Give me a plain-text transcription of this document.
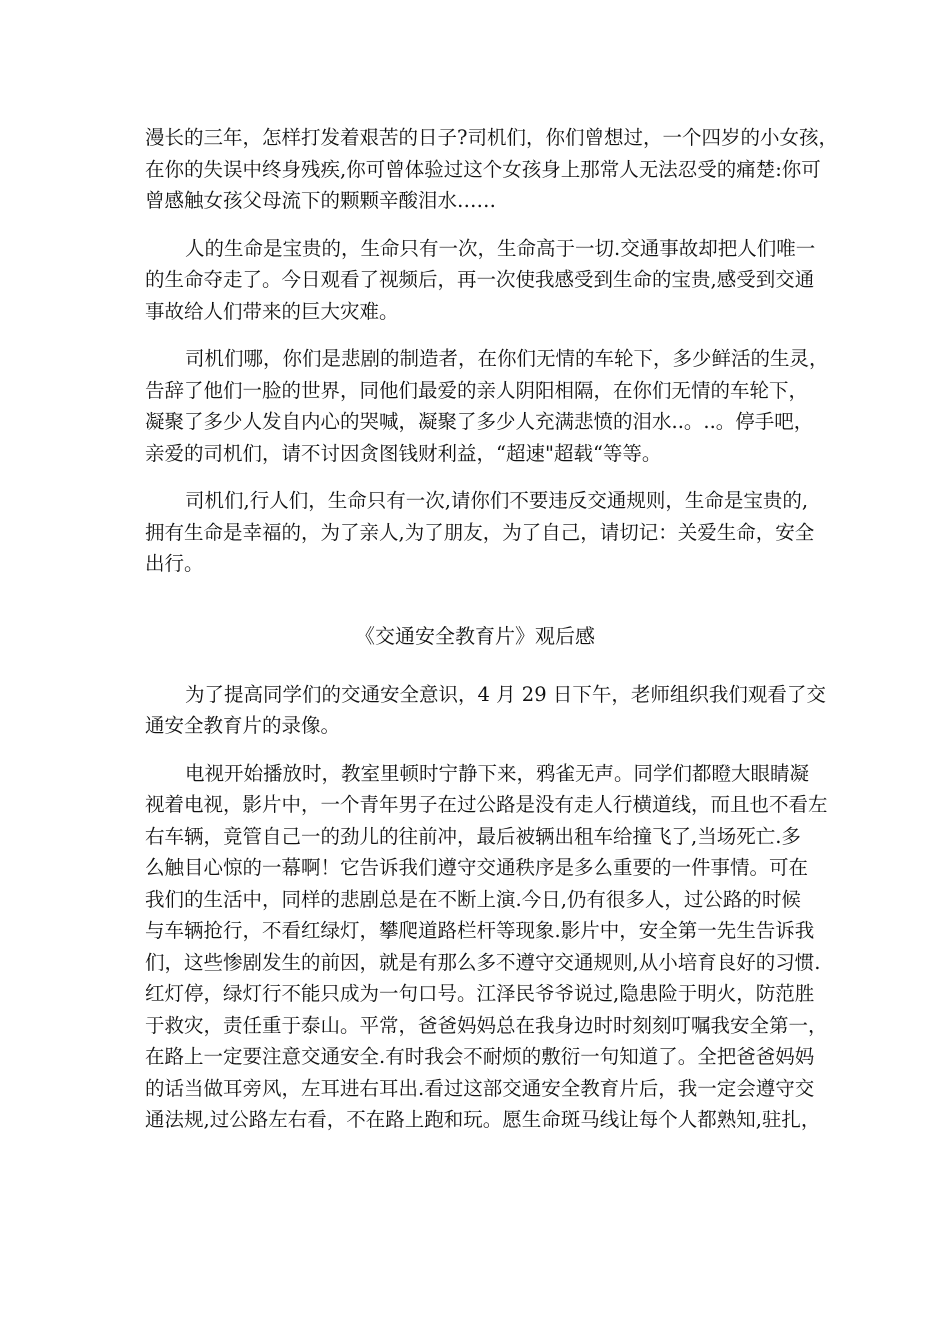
漫长的三年，怎样打发着艰苦的日子?司机们，你们曾想过，一个四岁的小女孩，
在你的失误中终身残疾,你可曾体验过这个女孩身上那常人无法忍受的痛楚:你可
曾感触女孩父母流下的颗颗辛酸泪水……
人的生命是宝贵的，生命只有一次，生命高于一切.交通事故却把人们唯一
的生命夺走了。今日观看了视频后，再一次使我感受到生命的宝贵,感受到交通
事故给人们带来的巨大灾难。
司机们哪，你们是悲剧的制造者，在你们无情的车轮下，多少鲜活的生灵，
告辞了他们一脸的世界，同他们最爱的亲人阴阳相隔，在你们无情的车轮下，
凝聚了多少人发自内心的哭喊，凝聚了多少人充满悲愤的泪水..。..。停手吧，
亲爱的司机们，请不讨因贪图钱财利益，“超速"超载“等等。
司机们,行人们，生命只有一次,请你们不要违反交通规则，生命是宝贵的,
拥有生命是幸福的，为了亲人,为了朋友，为了自己，请切记：关爱生命，安全
出行。
《交通安全教育片》观后感
为了提高同学们的交通安全意识，4 月 29 日下午，老师组织我们观看了交
通安全教育片的录像。
电视开始播放时，教室里顿时宁静下来，鸦雀无声。同学们都瞪大眼睛凝
视着电视，影片中，一个青年男子在过公路是没有走人行横道线，而且也不看左
右车辆，竟管自己一的劲儿的往前冲，最后被辆出租车给撞飞了,当场死亡.多
么触目心惊的一幕啊！它告诉我们遵守交通秩序是多么重要的一件事情。可在
我们的生活中，同样的悲剧总是在不断上演.今日,仍有很多人，过公路的时候
与车辆抢行，不看红绿灯，攀爬道路栏杆等现象.影片中，安全第一先生告诉我
们，这些惨剧发生的前因，就是有那么多不遵守交通规则,从小培育良好的习惯.
红灯停，绿灯行不能只成为一句口号。江泽民爷爷说过,隐患险于明火，防范胜
于救灾，责任重于泰山。平常，爸爸妈妈总在我身边时时刻刻叮嘱我安全第一，
在路上一定要注意交通安全.有时我会不耐烦的敷衍一句知道了。全把爸爸妈妈
的话当做耳旁风，左耳进右耳出.看过这部交通安全教育片后，我一定会遵守交
通法规,过公路左右看，不在路上跑和玩。愿生命斑马线让每个人都熟知,驻扎，
